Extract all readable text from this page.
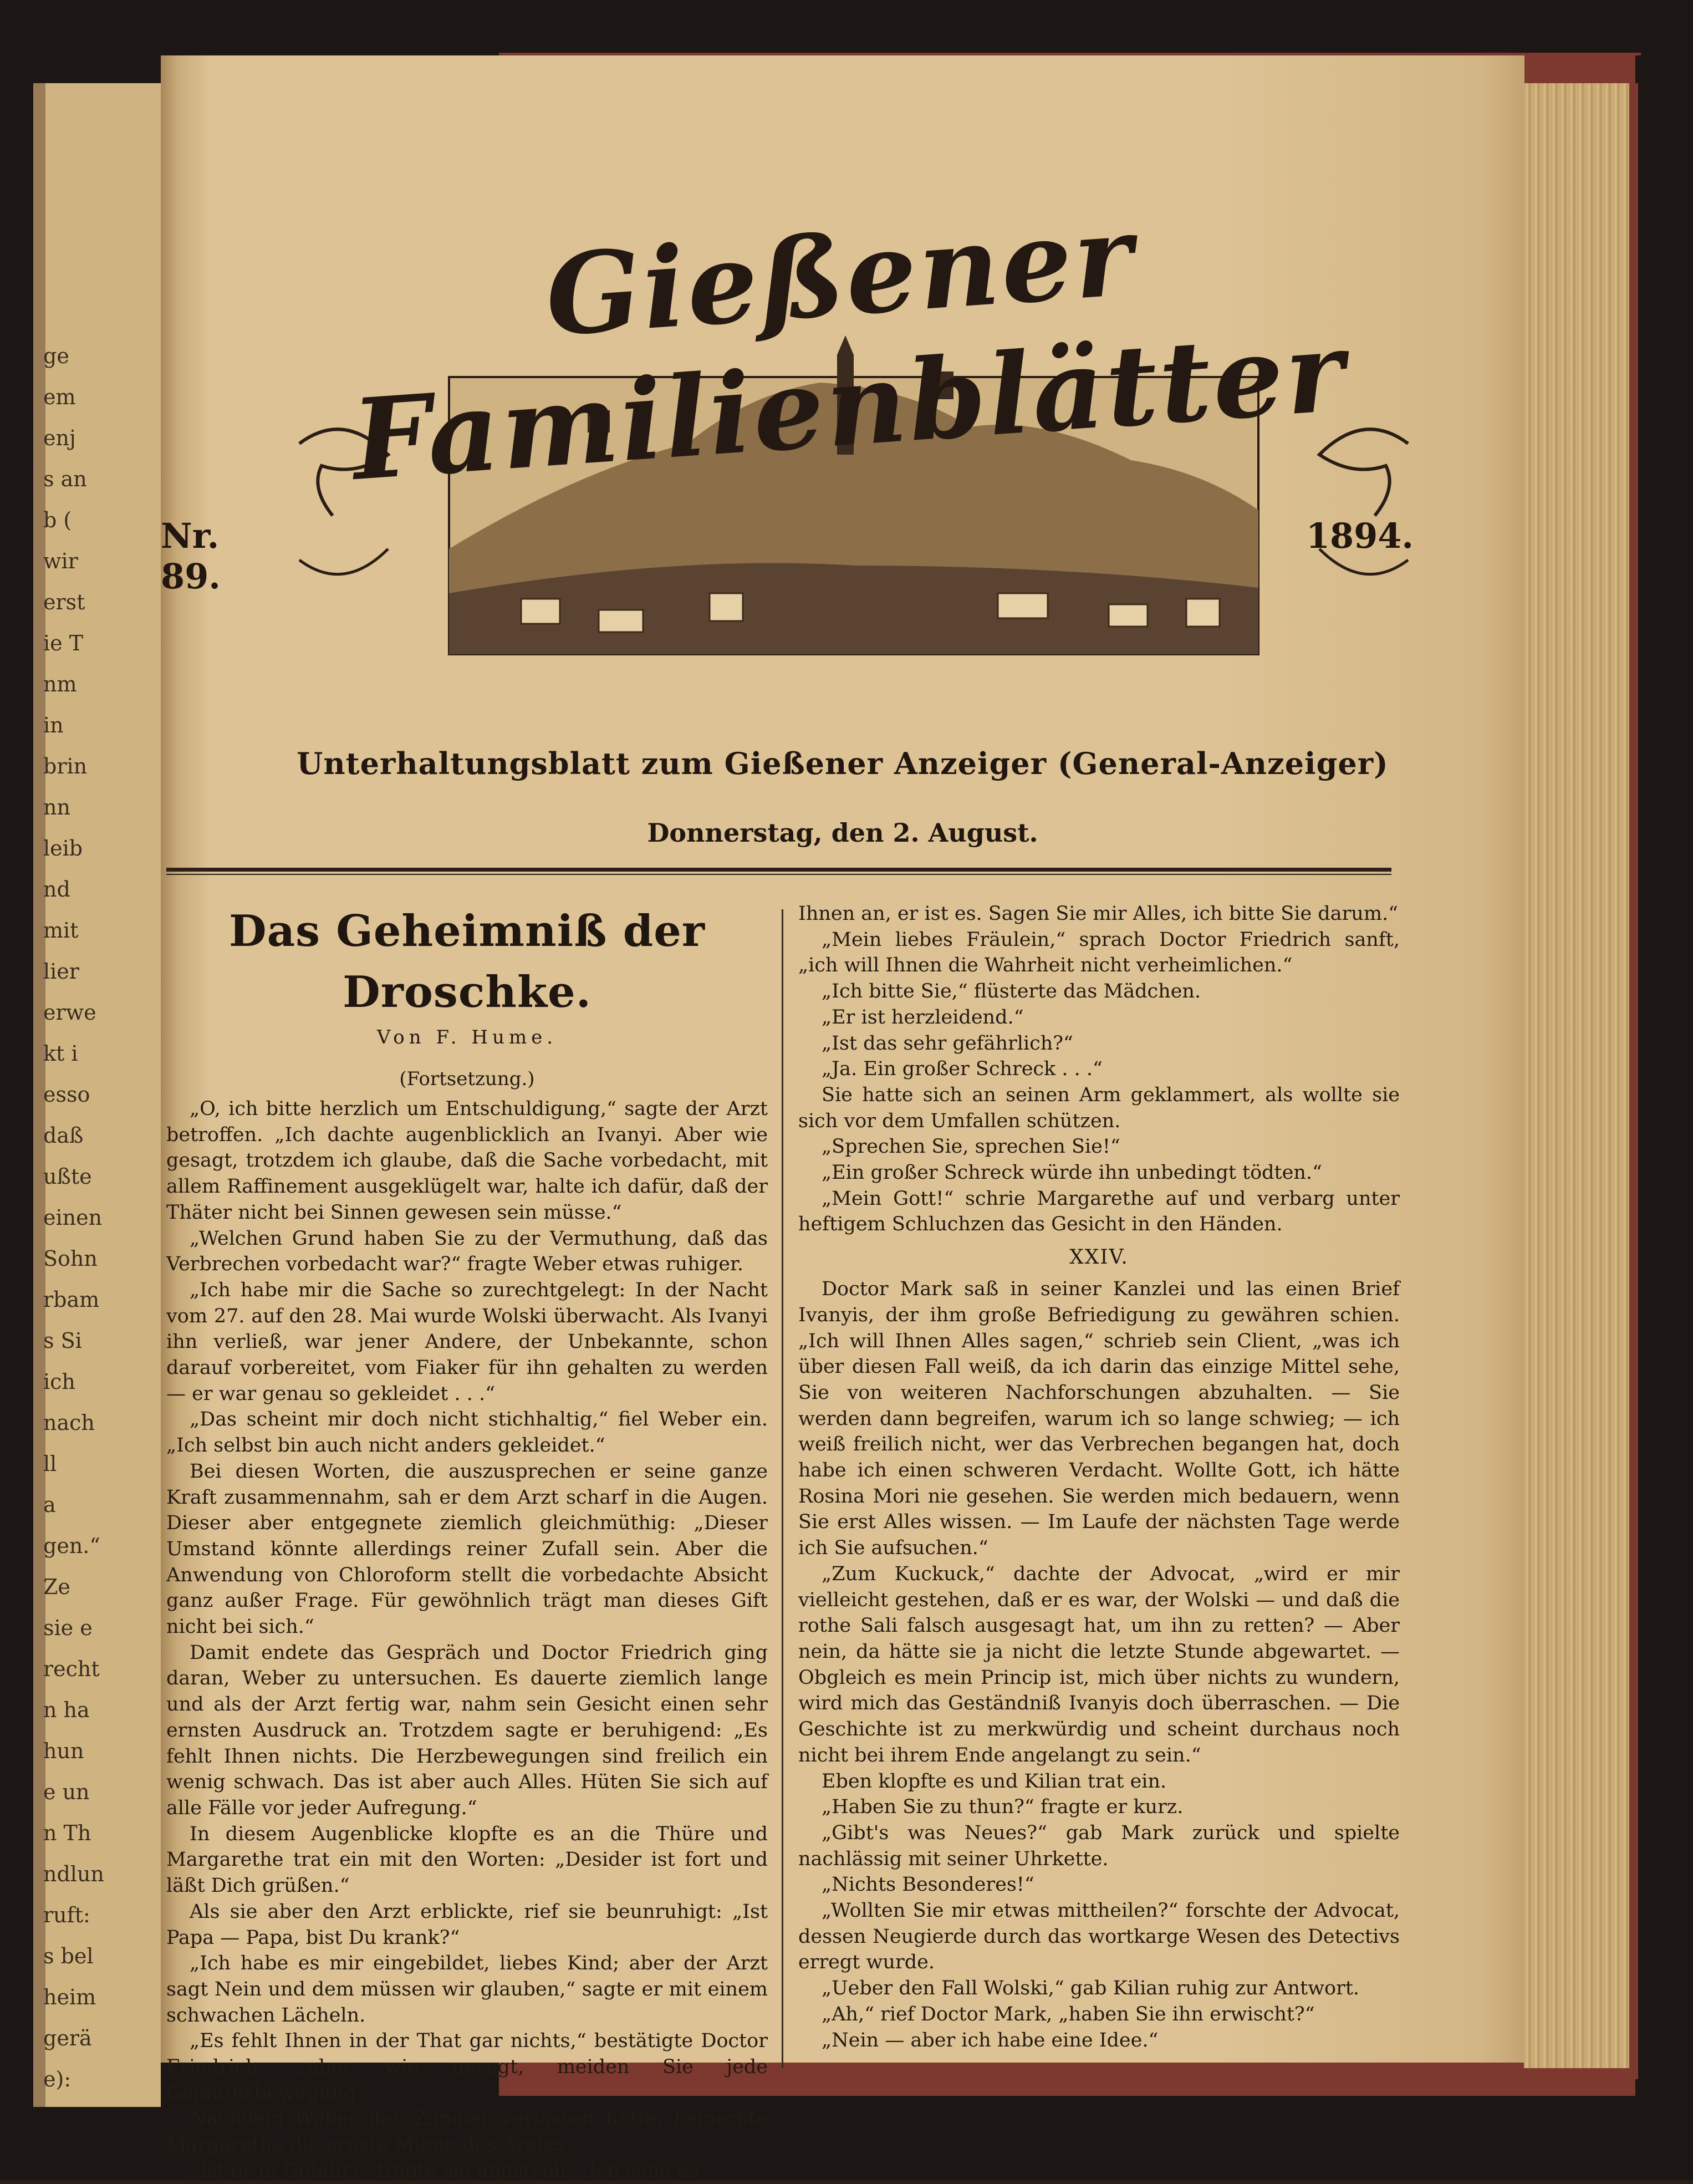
ge
em
enj
s an
b (
wir
erst
ie T
nm
in
brin
nn
leib
nd
mit
lier
erwe
kt i
esso
daß
ußte
einen
Sohn
rbam
s Si
ich
nach
ll
a
gen.“
Ze
sie e
recht
n ha
hun
e un
n Th
ndlun
ruft:
s bel
heim
gerä
e):
Gießener Familienblätter
Nr. 89.
1894.
Unterhaltungsblatt zum Gießener Anzeiger (General-Anzeiger)
Donnerstag, den 2. August.
Das Geheimniß der Droschke.
Von F. Hume.
(Fortsetzung.)

„O, ich bitte herzlich um Entschuldigung,“ sagte der Arzt betroffen. „Ich dachte augenblicklich an Ivanyi. Aber wie gesagt, trotzdem ich glaube, daß die Sache vorbedacht, mit allem Raffinement ausgeklügelt war, halte ich dafür, daß der Thäter nicht bei Sinnen gewesen sein müsse.“

„Welchen Grund haben Sie zu der Vermuthung, daß das Verbrechen vorbedacht war?“ fragte Weber etwas ruhiger.

„Ich habe mir die Sache so zurechtgelegt: In der Nacht vom 27. auf den 28. Mai wurde Wolski überwacht. Als Ivanyi ihn verließ, war jener Andere, der Unbekannte, schon darauf vorbereitet, vom Fiaker für ihn gehalten zu werden — er war genau so gekleidet . . .“

„Das scheint mir doch nicht stichhaltig,“ fiel Weber ein. „Ich selbst bin auch nicht anders gekleidet.“

Bei diesen Worten, die auszusprechen er seine ganze Kraft zusammennahm, sah er dem Arzt scharf in die Augen. Dieser aber entgegnete ziemlich gleichmüthig: „Dieser Umstand könnte allerdings reiner Zufall sein. Aber die Anwendung von Chloroform stellt die vorbedachte Absicht ganz außer Frage. Für gewöhnlich trägt man dieses Gift nicht bei sich.“

Damit endete das Gespräch und Doctor Friedrich ging daran, Weber zu untersuchen. Es dauerte ziemlich lange und als der Arzt fertig war, nahm sein Gesicht einen sehr ernsten Ausdruck an. Trotzdem sagte er beruhigend: „Es fehlt Ihnen nichts. Die Herzbewegungen sind freilich ein wenig schwach. Das ist aber auch Alles. Hüten Sie sich auf alle Fälle vor jeder Aufregung.“

In diesem Augenblicke klopfte es an die Thüre und Margarethe trat ein mit den Worten: „Desider ist fort und läßt Dich grüßen.“

Als sie aber den Arzt erblickte, rief sie beunruhigt: „Ist Papa — Papa, bist Du krank?“

„Ich habe es mir eingebildet, liebes Kind; aber der Arzt sagt Nein und dem müssen wir glauben,“ sagte er mit einem schwachen Lächeln.

„Es fehlt Ihnen in der That gar nichts,“ bestätigte Doctor Friedrich, „aber wie gesagt, meiden Sie jede Gemüthsbewegung.“

Nachdem Weber das Zimmer verlassen hatte, bemerkte Margarethe die ernste Miene des Arztes.

„Ist er in Gefahr?“ fragte sie angstvoll. „Ich sehe es

Ihnen an, er ist es. Sagen Sie mir Alles, ich bitte Sie darum.“

„Mein liebes Fräulein,“ sprach Doctor Friedrich sanft, „ich will Ihnen die Wahrheit nicht verheimlichen.“

„Ich bitte Sie,“ flüsterte das Mädchen.

„Er ist herzleidend.“

„Ist das sehr gefährlich?“

„Ja. Ein großer Schreck . . .“

Sie hatte sich an seinen Arm geklammert, als wollte sie sich vor dem Umfallen schützen.

„Sprechen Sie, sprechen Sie!“

„Ein großer Schreck würde ihn unbedingt tödten.“

„Mein Gott!“ schrie Margarethe auf und verbarg unter heftigem Schluchzen das Gesicht in den Händen.

XXIV.

Doctor Mark saß in seiner Kanzlei und las einen Brief Ivanyis, der ihm große Befriedigung zu gewähren schien. „Ich will Ihnen Alles sagen,“ schrieb sein Client, „was ich über diesen Fall weiß, da ich darin das einzige Mittel sehe, Sie von weiteren Nachforschungen abzuhalten. — Sie werden dann begreifen, warum ich so lange schwieg; — ich weiß freilich nicht, wer das Verbrechen begangen hat, doch habe ich einen schweren Verdacht. Wollte Gott, ich hätte Rosina Mori nie gesehen. Sie werden mich bedauern, wenn Sie erst Alles wissen. — Im Laufe der nächsten Tage werde ich Sie aufsuchen.“

„Zum Kuckuck,“ dachte der Advocat, „wird er mir vielleicht gestehen, daß er es war, der Wolski — und daß die rothe Sali falsch ausgesagt hat, um ihn zu retten? — Aber nein, da hätte sie ja nicht die letzte Stunde abgewartet. — Obgleich es mein Princip ist, mich über nichts zu wundern, wird mich das Geständniß Ivanyis doch überraschen. — Die Geschichte ist zu merkwürdig und scheint durchaus noch nicht bei ihrem Ende angelangt zu sein.“

Eben klopfte es und Kilian trat ein.

„Haben Sie zu thun?“ fragte er kurz.

„Gibt's was Neues?“ gab Mark zurück und spielte nachlässig mit seiner Uhrkette.

„Nichts Besonderes!“

„Wollten Sie mir etwas mittheilen?“ forschte der Advocat, dessen Neugierde durch das wortkarge Wesen des Detectivs erregt wurde.

„Ueber den Fall Wolski,“ gab Kilian ruhig zur Antwort.

„Ah,“ rief Doctor Mark, „haben Sie ihn erwischt?“

„Nein — aber ich habe eine Idee.“
